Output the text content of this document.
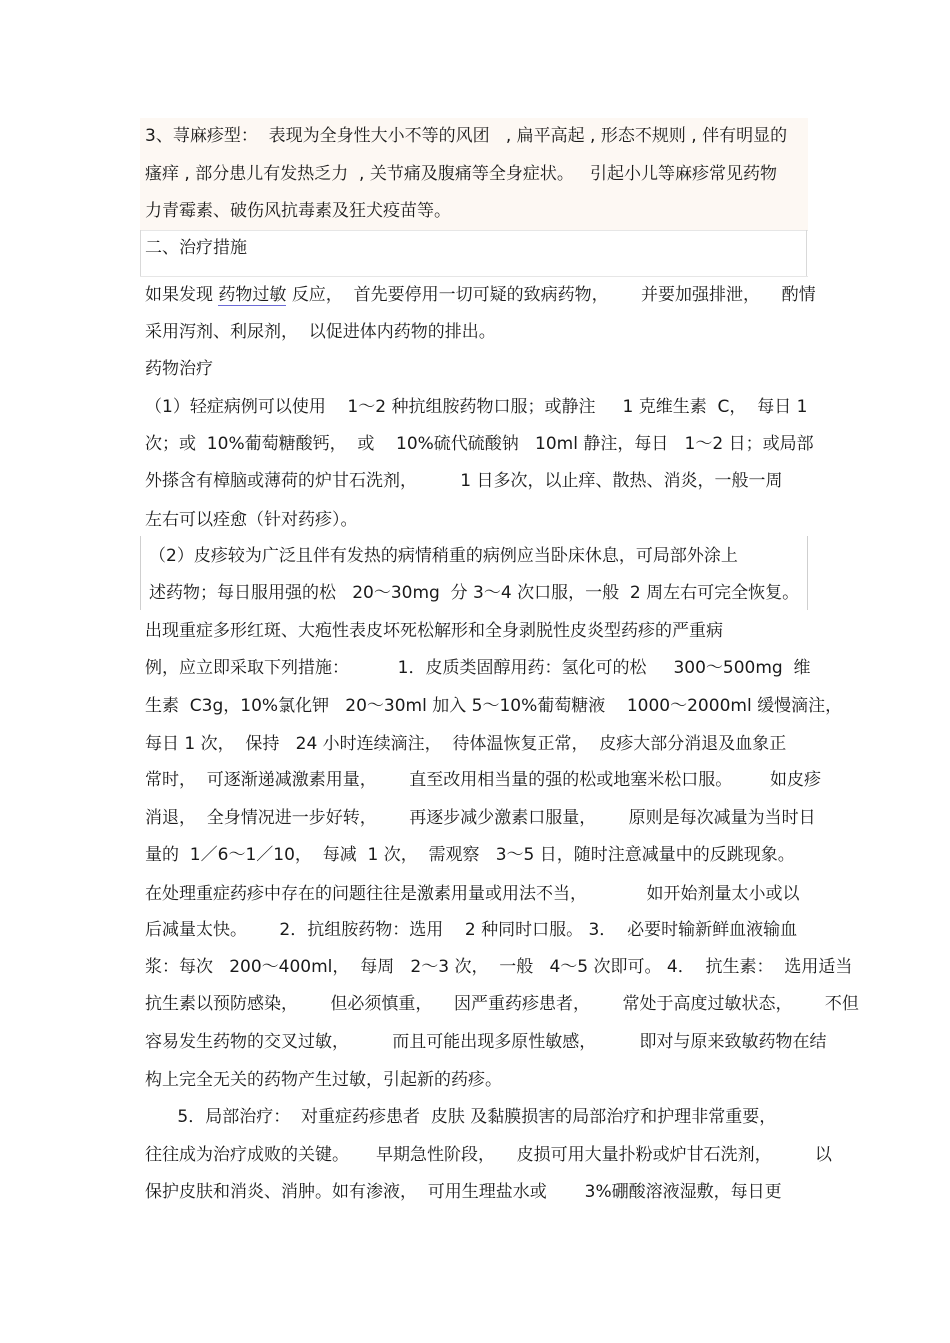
3、荨麻疹型：  表现为全身性大小不等的风团   , 扁平高起 , 形态不规则 , 伴有明显的
瘙痒 , 部分患儿有发热乏力  , 关节痛及腹痛等全身症状。   引起小儿等麻疹常见药物
力青霉素、破伤风抗毒素及狂犬疫苗等。
二、治疗措施
如果发现 药物过敏 反应，  首先要停用一切可疑的致病药物，      并要加强排泄，    酌情
采用泻剂、利尿剂，  以促进体内药物的排出。
药物治疗
（1）轻症病例可以使用    1～2 种抗组胺药物口服；或静注     1 克维生素  C，  每日 1
次；或  10%葡萄糖酸钙，  或    10%硫代硫酸钠   10ml 静注，每日   1～2 日；或局部
外搽含有樟脑或薄荷的炉甘石洗剂，        1 日多次，以止痒、散热、消炎，一般一周
左右可以痊愈（针对药疹）。
（2）皮疹较为广泛且伴有发热的病情稍重的病例应当卧床休息，可局部外涂上
述药物；每日服用强的松   20～30mg  分 3～4 次口服，一般  2 周左右可完全恢复。
出现重症多形红斑、大疱性表皮坏死松解形和全身剥脱性皮炎型药疹的严重病
例，应立即采取下列措施：         1．皮质类固醇用药：氢化可的松     300～500mg  维
生素  C3g，10%氯化钾   20～30ml 加入 5～10%葡萄糖液    1000～2000ml 缓慢滴注，
每日 1 次，  保持   24 小时连续滴注，  待体温恢复正常，  皮疹大部分消退及血象正
常时，  可逐渐递减激素用量，      直至改用相当量的强的松或地塞米松口服。       如皮疹
消退，  全身情况进一步好转，      再逐步减少激素口服量，      原则是每次减量为当时日
量的  1／6～1／10，  每减  1 次，  需观察   3～5 日，随时注意减量中的反跳现象。
在处理重症药疹中存在的问题往往是激素用量或用法不当，           如开始剂量太小或以
后减量太快。      2．抗组胺药物：选用    2 种同时口服。 3．  必要时输新鲜血液输血
浆：每次   200～400ml，  每周   2～3 次，  一般   4～5 次即可。 4．  抗生素：  选用适当
抗生素以预防感染，      但必须慎重，    因严重药疹患者，      常处于高度过敏状态，      不但
容易发生药物的交叉过敏，        而且可能出现多原性敏感，        即对与原来致敏药物在结
构上完全无关的药物产生过敏，引起新的药疹。
5．局部治疗：  对重症药疹患者  皮肤 及黏膜损害的局部治疗和护理非常重要，
往往成为治疗成败的关键。     早期急性阶段，    皮损可用大量扑粉或炉甘石洗剂，        以
保护皮肤和消炎、消肿。如有渗液，  可用生理盐水或       3%硼酸溶液湿敷，每日更
